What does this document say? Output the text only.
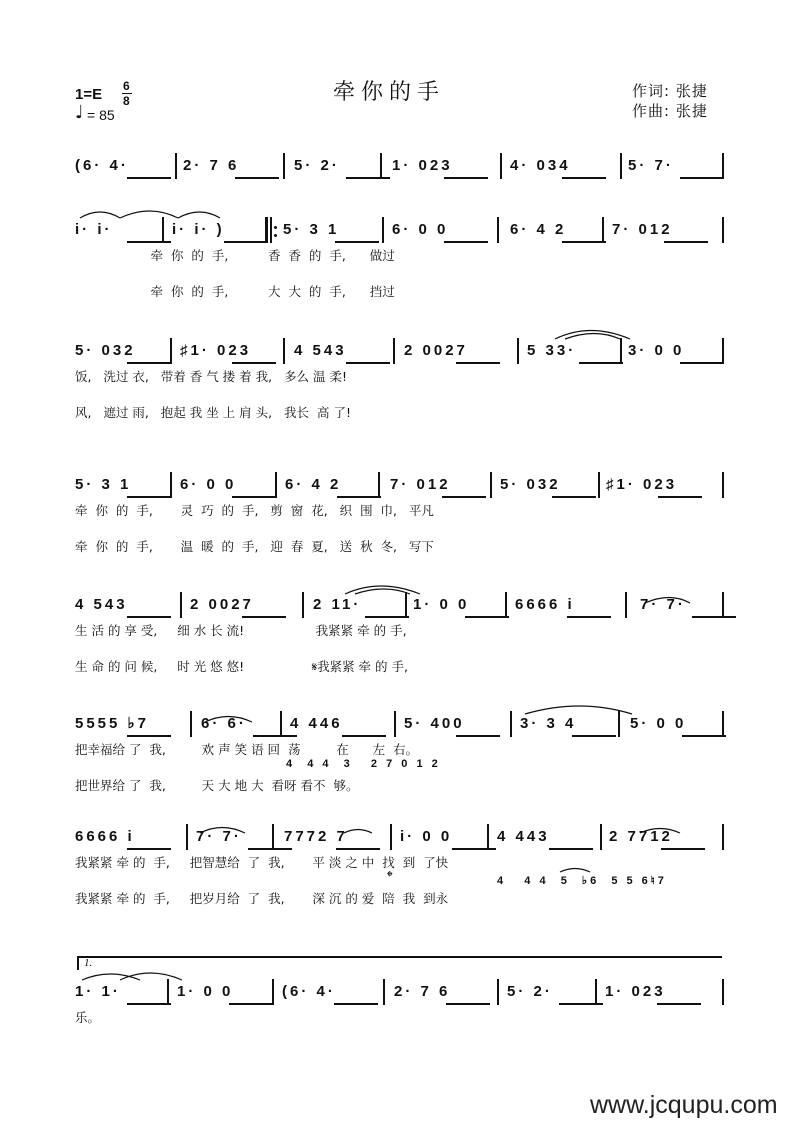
1=E 6
8
♩ = 85
牵你的手	作词: 张捷
作曲: 张捷
(6· 4·	2· 7 6	5· 2·	1· 023	4· 034	5· 7·
i· i·	i· i· )	5· 3 1	6· 0 0	6· 4 2	7· 012
牵  你  的  手,          香  香  的  手,      做过
牵  你  的  手,          大  大  的  手,      挡过
5· 032	♯1· 023	4 543	2 0027	5 33·	3· 0 0
饭,   洗过 衣,   带着 香 气 搂 着 我,   多么 温 柔!
风,   遮过 雨,   抱起 我 坐 上 肩 头,   我长  高 了!
5· 3 1	6· 0 0	6· 4 2	7· 012	5· 032	♯1· 023
牵  你  的  手,       灵  巧  的  手,   剪  窗  花,   织  围  巾,   平凡
牵  你  的  手,       温  暖  的  手,   迎  春  夏,   送  秋  冬,   写下
4 543	2 0027	2 11·	1· 0 0	6666 i	7· 7·
生 活 的 享 受,     细 水 长 流!                  我紧紧 牵 的 手,
生 命 的 问 候,     时 光 悠 悠!                 𝄋我紧紧 牵 的 手,
5555 ♭7	6· 6·	4 446	5· 400	3· 3 4	5· 0 0
把幸福给 了  我,         欢 声 笑 语 回  荡         在      左  右。
把世界给 了  我,         天 大 地 大  看呀 看不  够。
6666 i	7· 7·	7772 7	i· 0 0	4 443	2 7712
我紧紧 牵 的  手,     把智慧给  了  我,       平 淡 之 中  找  到  了快
我紧紧 牵 的  手,     把岁月给  了  我,       深 沉 的 爱  陪  我  到永
1· 1·	1· 0 0	(6· 4·	2· 7 6	5· 2·	1· 023
乐。
4  4 4  3   2 7 0 1 2
4   4 4  5  ♭6  5 5 6♮7
𝄌
1.
www.jcqupu.com
